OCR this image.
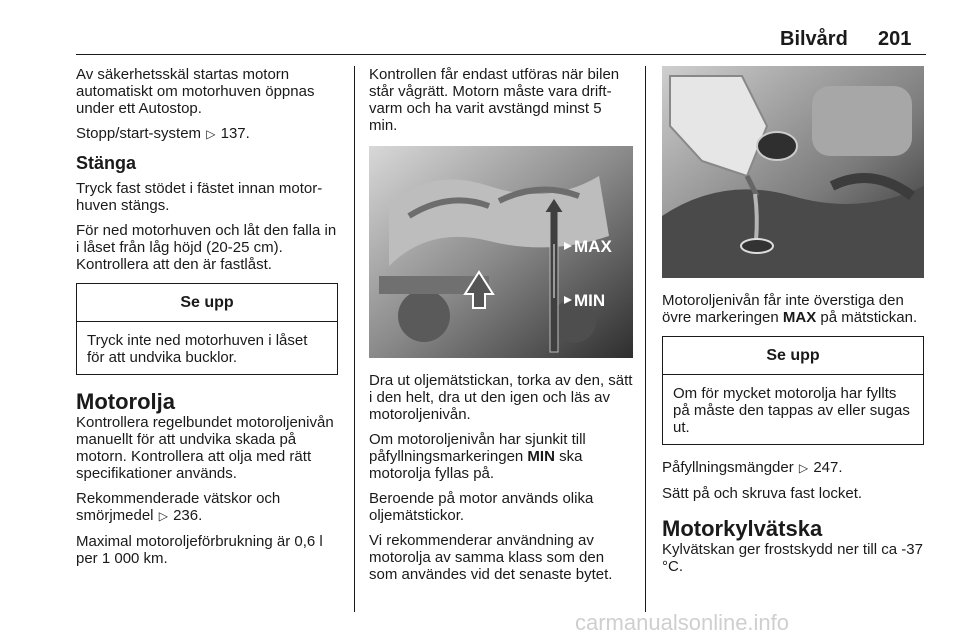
Bilvård 201

Av säkerhetsskäl startas motorn automatiskt om motorhuven öppnas under ett Autostop.

Stopp/start-system ▷ 137.

Stänga

Tryck fast stödet i fästet innan motorhuven stängs.

För ned motorhuven och låt den falla in i låset från låg höjd (20-25 cm). Kontrollera att den är fastlåst.

Se upp
Tryck inte ned motorhuven i låset för att undvika bucklor.
Motorolja

Kontrollera regelbundet motoroljenivån manuellt för att undvika skada på motorn. Kontrollera att olja med rätt specifikationer används.

Rekommenderade vätskor och smörjmedel ▷ 236.

Maximal motoroljeförbrukning är 0,6 l per 1 000 km.

Kontrollen får endast utföras när bilen står vågrätt. Motorn måste vara driftvarm och ha varit avstängd minst 5 min.

MAX
MIN

Dra ut oljemätstickan, torka av den, sätt i den helt, dra ut den igen och läs av motoroljenivån.

Om motoroljenivån har sjunkit till påfyllningsmarkeringen MIN ska motorolja fyllas på.

Beroende på motor används olika oljemätstickor.

Vi rekommenderar användning av motorolja av samma klass som den som användes vid det senaste bytet.

Motoroljenivån får inte överstiga den övre markeringen MAX på mätstickan.

Se upp
Om för mycket motorolja har fyllts på måste den tappas av eller sugas ut.

Påfyllningsmängder ▷ 247.

Sätt på och skruva fast locket.

Motorkylvätska

Kylvätskan ger frostskydd ner till ca -37 °C.

carmanualsonline.info
